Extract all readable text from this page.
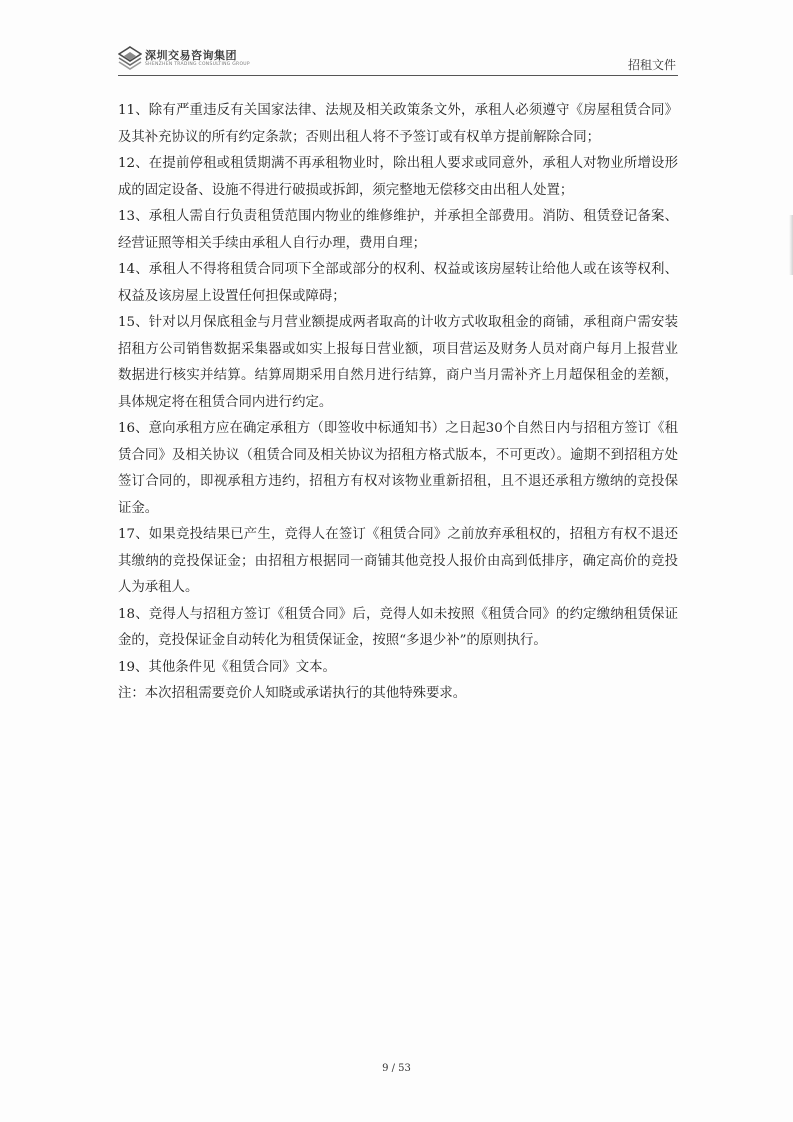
深圳交易咨询集团
SHENZHEN TRADING CONSULTING GROUP	招租文件

11、除有严重违反有关国家法律、法规及相关政策条文外，承租人必须遵守《房屋租赁合同》及其补充协议的所有约定条款；否则出租人将不予签订或有权单方提前解除合同；

12、在提前停租或租赁期满不再承租物业时，除出租人要求或同意外，承租人对物业所增设形成的固定设备、设施不得进行破损或拆卸，须完整地无偿移交由出租人处置；

13、承租人需自行负责租赁范围内物业的维修维护，并承担全部费用。消防、租赁登记备案、经营证照等相关手续由承租人自行办理，费用自理；

14、承租人不得将租赁合同项下全部或部分的权利、权益或该房屋转让给他人或在该等权利、权益及该房屋上设置任何担保或障碍；

15、针对以月保底租金与月营业额提成两者取高的计收方式收取租金的商铺，承租商户需安装招租方公司销售数据采集器或如实上报每日营业额，项目营运及财务人员对商户每月上报营业数据进行核实并结算。结算周期采用自然月进行结算，商户当月需补齐上月超保租金的差额，具体规定将在租赁合同内进行约定。

16、意向承租方应在确定承租方（即签收中标通知书）之日起30个自然日内与招租方签订《租赁合同》及相关协议（租赁合同及相关协议为招租方格式版本，不可更改）。逾期不到招租方处签订合同的，即视承租方违约，招租方有权对该物业重新招租，且不退还承租方缴纳的竞投保证金。

17、如果竞投结果已产生，竞得人在签订《租赁合同》之前放弃承租权的，招租方有权不退还其缴纳的竞投保证金；由招租方根据同一商铺其他竞投人报价由高到低排序，确定高价的竞投人为承租人。

18、竞得人与招租方签订《租赁合同》后，竞得人如未按照《租赁合同》的约定缴纳租赁保证金的，竞投保证金自动转化为租赁保证金，按照“多退少补”的原则执行。

19、其他条件见《租赁合同》文本。

注：本次招租需要竞价人知晓或承诺执行的其他特殊要求。

9 / 53
